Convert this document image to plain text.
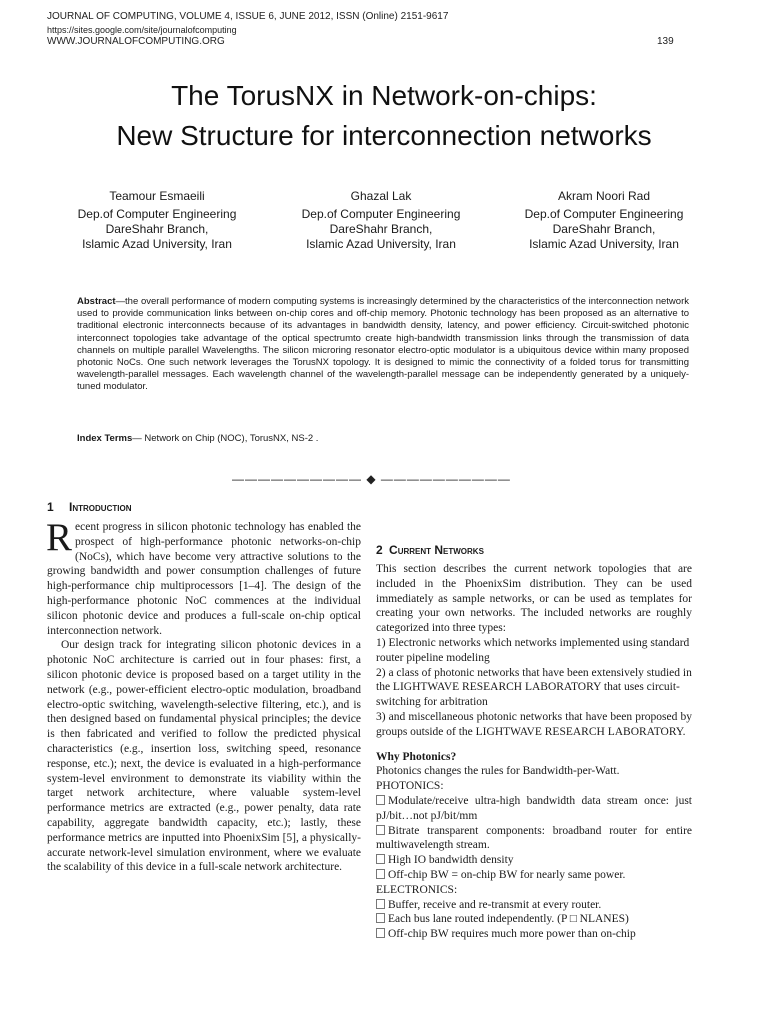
JOURNAL OF COMPUTING, VOLUME 4, ISSUE 6, JUNE 2012, ISSN (Online) 2151-9617
https://sites.google.com/site/journalofcomputing
WWW.JOURNALOFCOMPUTING.ORG	139
The TorusNX in Network-on-chips:
New Structure for interconnection networks
Teamour Esmaeili
Dep.of Computer Engineering
DareShahr Branch,
Islamic Azad University, Iran
Ghazal Lak
Dep.of Computer Engineering
DareShahr Branch,
Islamic Azad University, Iran
Akram Noori Rad
Dep.of Computer Engineering
DareShahr Branch,
Islamic Azad University, Iran
Abstract—the overall performance of modern computing systems is increasingly determined by the characteristics of the interconnection network used to provide communication links between on-chip cores and off-chip memory. Photonic technology has been proposed as an alternative to traditional electronic interconnects because of its advantages in bandwidth density, latency, and power efficiency. Circuit-switched photonic interconnect topologies take advantage of the optical spectrumto create high-bandwidth transmission links through the transmission of data channels on multiple parallel Wavelengths. The silicon microring resonator electro-optic modulator is a ubiquitous device within many proposed photonic NoCs. One such network leverages the TorusNX topology. It is designed to mimic the connectivity of a folded torus for transmitting wavelength-parallel messages. Each wavelength channel of the wavelength-parallel message can be independently generated by a uniquely-tuned modulator.
Index Terms— Network on Chip (NOC), TorusNX, NS-2 .
—————————— ◆ ——————————
1 Introduction

Recent progress in silicon photonic technology has enabled the prospect of high-performance photonic networks-on-chip (NoCs), which have become very attractive solutions to the growing bandwidth and power consumption challenges of future high-performance chip multiprocessors [1–4]. The design of the high-performance photonic NoC commences at the individual silicon photonic device and produces a full-scale on-chip optical interconnection network.

Our design track for integrating silicon photonic devices in a photonic NoC architecture is carried out in four phases: first, a silicon photonic device is proposed based on a target utility in the network (e.g., power-efficient electro-optic modulation, broadband electro-optic switching, wavelength-selective filtering, etc.), and is then designed based on fundamental physical principles; the device is then fabricated and verified to follow the predicted physical characteristics (e.g., insertion loss, switching speed, resonance response, etc.); next, the device is evaluated in a high-performance system-level environment to demonstrate its viability within the target network architecture, where valuable system-level performance metrics are extracted (e.g., power penalty, data rate capability, aggregate bandwidth capacity, etc.); lastly, these performance metrics are inputted into PhoenixSim [5], a physically-accurate network-level simulation environment, where we evaluate the scalability of this device in a full-scale network architecture.

2 Current Networks

This section describes the current network topologies that are included in the PhoenixSim distribution. They can be used immediately as sample networks, or can be used as templates for creating your own networks. The included networks are roughly categorized into three types:

1) Electronic networks which networks implemented using standard router pipeline modeling

2) a class of photonic networks that have been extensively studied in the LIGHTWAVE RESEARCH LABORATORY that uses circuit-switching for arbitration

3) and miscellaneous photonic networks that have been proposed by groups outside of the LIGHTWAVE RESEARCH LABORATORY.

Why Photonics?

Photonics changes the rules for Bandwidth-per-Watt.

PHOTONICS:

Modulate/receive ultra-high bandwidth data stream once: just pJ/bit…not pJ/bit/mm

Bitrate transparent components: broadband router for entire multiwavelength stream.

High IO bandwidth density

Off-chip BW = on-chip BW for nearly same power.

ELECTRONICS:

Buffer, receive and re-transmit at every router.

Each bus lane routed independently. (P □ NLANES)

Off-chip BW requires much more power than on-chip
